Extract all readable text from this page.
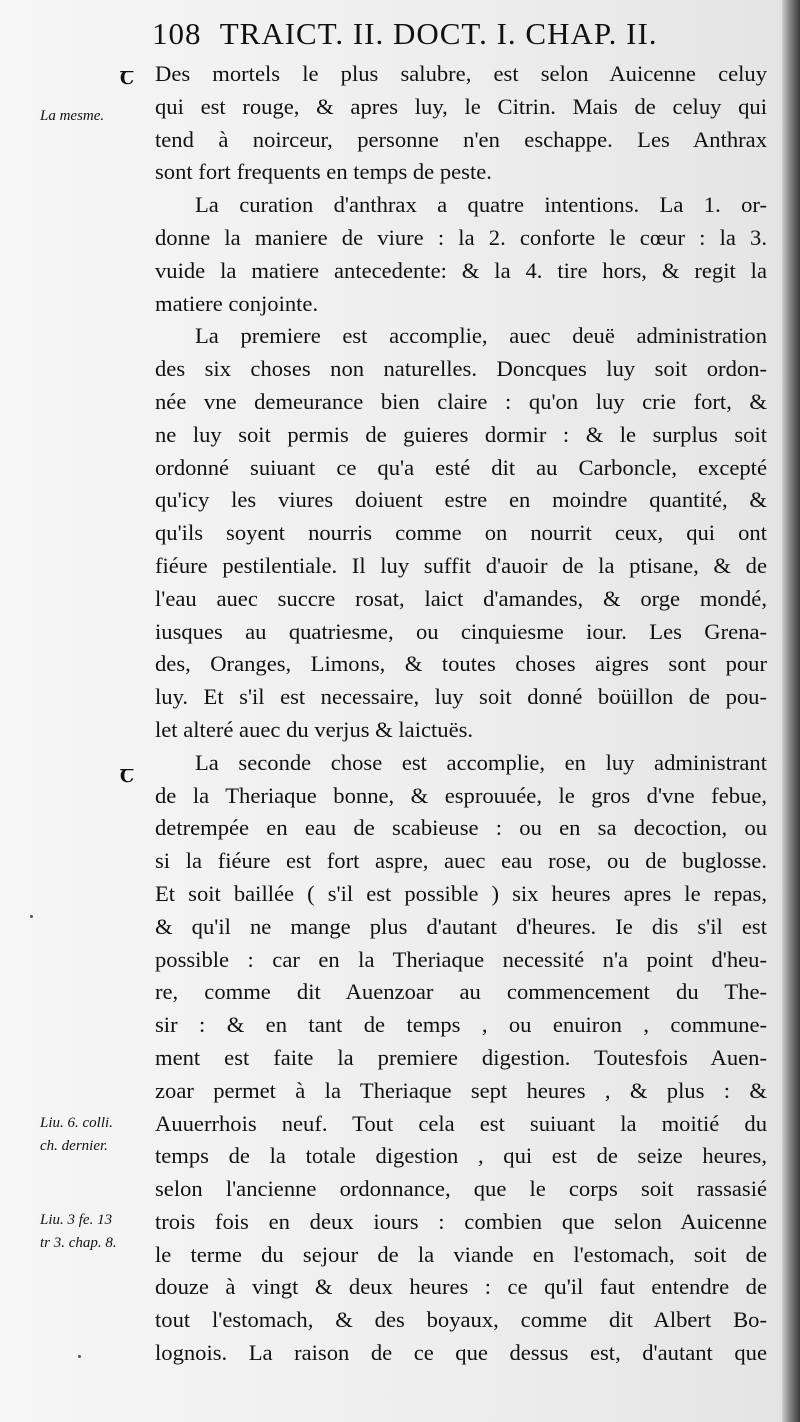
108 TRAICT. II. DOCT. I. CHAP. II.
Ꞇ
Ꞇ
La mesme.
Liu. 6. colli.
ch. dernier.
Liu. 3 fe. 13
tr 3. chap. 8.
Des mortels le plus salubre, est selon Auicenne celuy
qui est rouge, & apres luy, le Citrin. Mais de celuy qui
tend à noirceur, personne n'en eschappe. Les Anthrax
sont fort frequents en temps de peste.
La curation d'anthrax a quatre intentions. La 1. or-
donne la maniere de viure : la 2. conforte le cœur : la 3.
vuide la matiere antecedente: & la 4. tire hors, & regit la
matiere conjointe.
La premiere est accomplie, auec deuë administration
des six choses non naturelles. Doncques luy soit ordon-
née vne demeurance bien claire : qu'on luy crie fort, &
ne luy soit permis de guieres dormir : & le surplus soit
ordonné suiuant ce qu'a esté dit au Carboncle, excepté
qu'icy les viures doiuent estre en moindre quantité, &
qu'ils soyent nourris comme on nourrit ceux, qui ont
fiéure pestilentiale. Il luy suffit d'auoir de la ptisane, & de
l'eau auec succre rosat, laict d'amandes, & orge mondé,
iusques au quatriesme, ou cinquiesme iour. Les Grena-
des, Oranges, Limons, & toutes choses aigres sont pour
luy. Et s'il est necessaire, luy soit donné boüillon de pou-
let alteré auec du verjus & laictuës.
La seconde chose est accomplie, en luy administrant
de la Theriaque bonne, & esprouuée, le gros d'vne febue,
detrempée en eau de scabieuse : ou en sa decoction, ou
si la fiéure est fort aspre, auec eau rose, ou de buglosse.
Et soit baillée ( s'il est possible ) six heures apres le repas,
& qu'il ne mange plus d'autant d'heures. Ie dis s'il est
possible : car en la Theriaque necessité n'a point d'heu-
re, comme dit Auenzoar au commencement du The-
sir : & en tant de temps , ou enuiron , commune-
ment est faite la premiere digestion. Toutesfois Auen-
zoar permet à la Theriaque sept heures , & plus : &
Auuerrhois neuf. Tout cela est suiuant la moitié du
temps de la totale digestion , qui est de seize heures,
selon l'ancienne ordonnance, que le corps soit rassasié
trois fois en deux iours : combien que selon Auicenne
le terme du sejour de la viande en l'estomach, soit de
douze à vingt & deux heures : ce qu'il faut entendre de
tout l'estomach, & des boyaux, comme dit Albert Bo-
lognois. La raison de ce que dessus est, d'autant que
